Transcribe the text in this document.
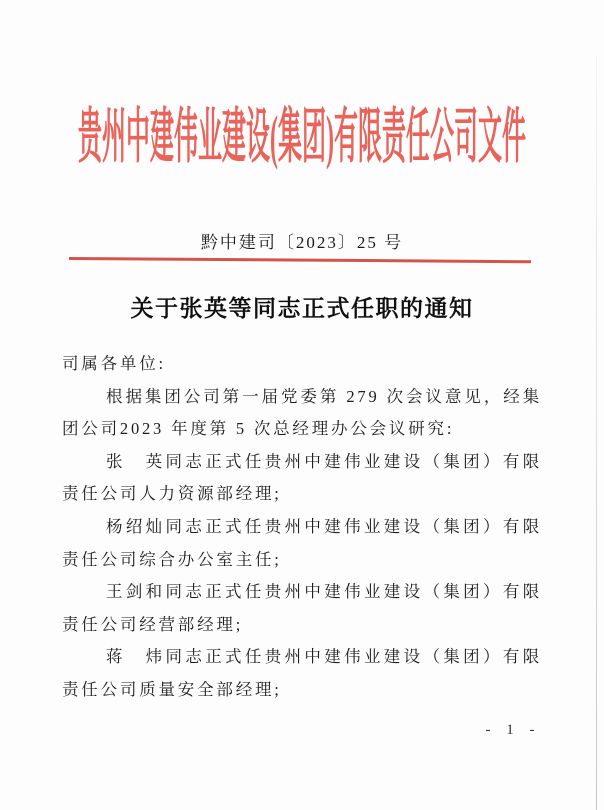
贵州中建伟业建设(集团)有限责任公司文件
黔中建司〔2023〕25 号
关于张英等同志正式任职的通知

司属各单位:

根据集团公司第一届党委第 279 次会议意见，经集团公司2023 年度第 5 次总经理办公会议研究:

张　英同志正式任贵州中建伟业建设（集团）有限责任公司人力资源部经理;

杨绍灿同志正式任贵州中建伟业建设（集团）有限责任公司综合办公室主任;

王剑和同志正式任贵州中建伟业建设（集团）有限责任公司经营部经理;

蒋　炜同志正式任贵州中建伟业建设（集团）有限责任公司质量安全部经理;

- 1 -
